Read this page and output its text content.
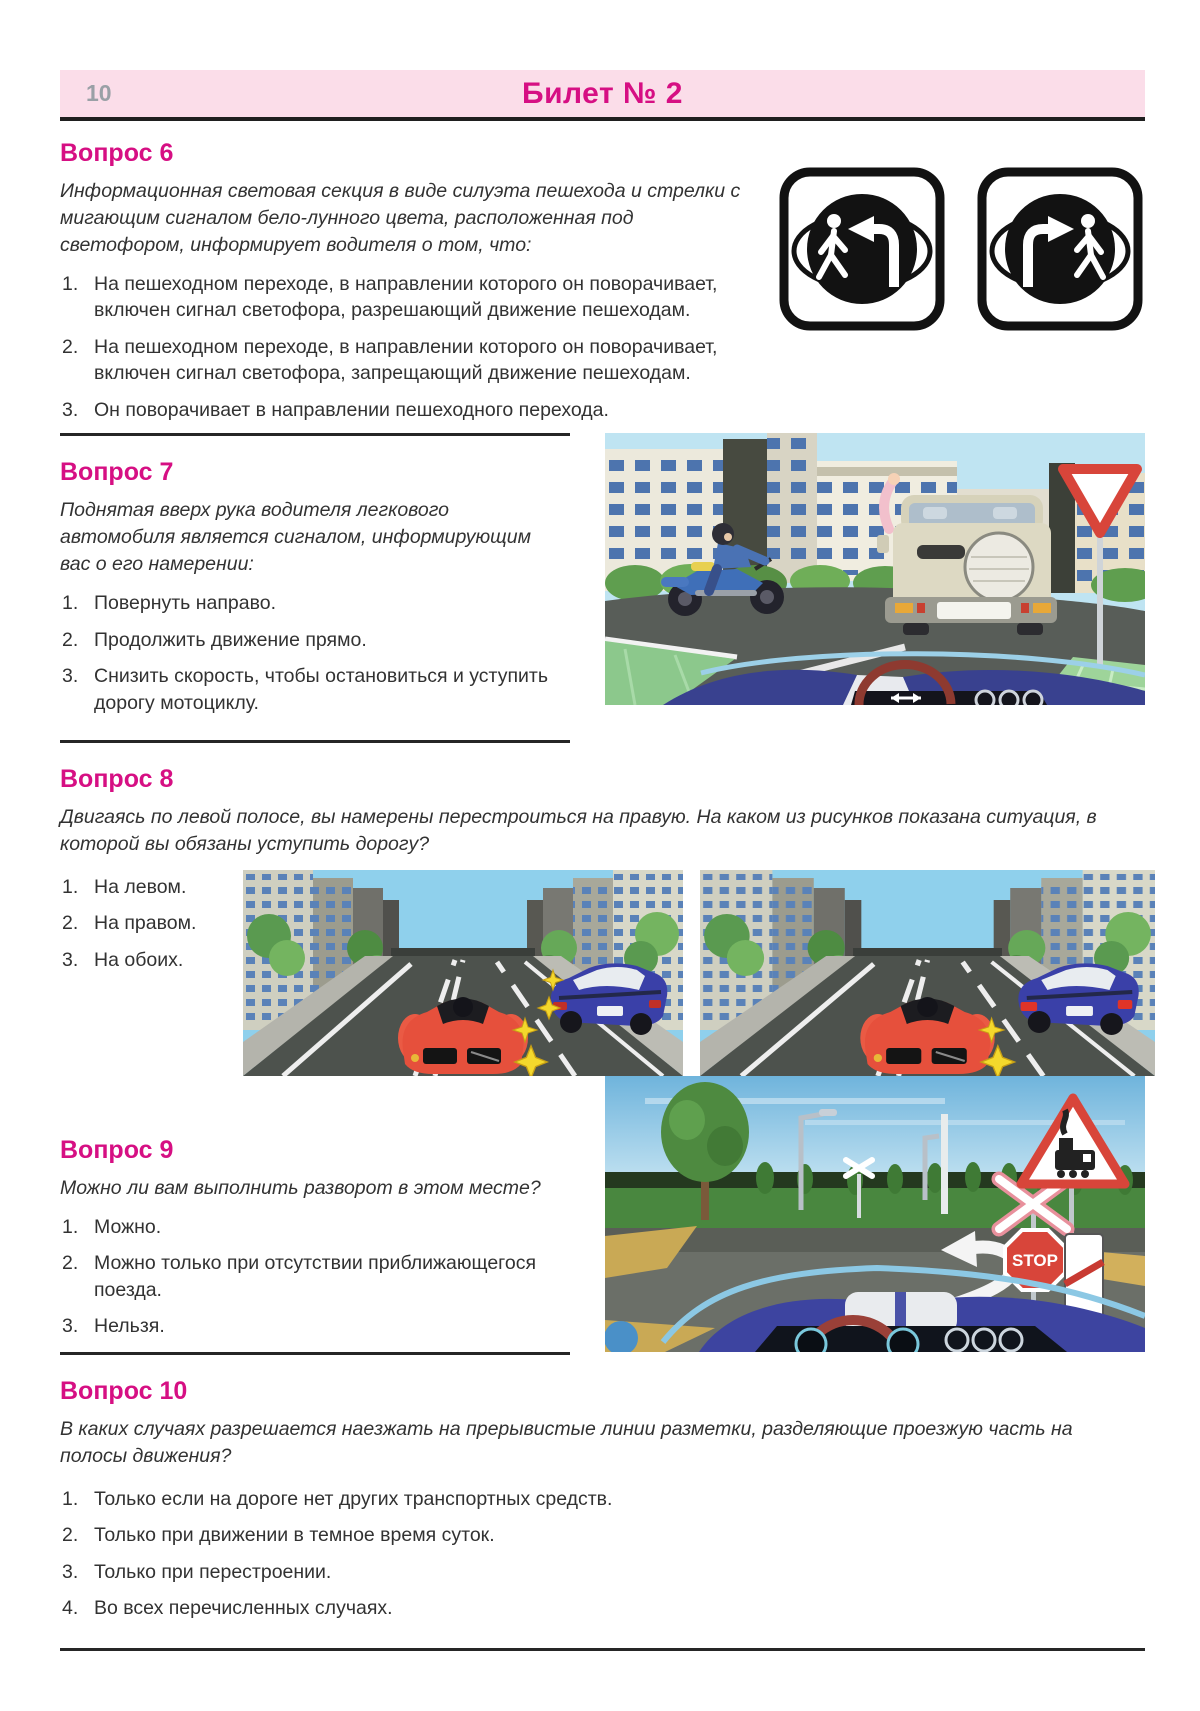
10	Билет № 2
Вопрос 6

Информационная световая секция в виде силуэта пешехода и стрелки с мигающим сигналом бело-лунного цвета, расположенная под светофором, информирует водителя о том, что:

На пешеходном переходе, в направлении которого он поворачивает, включен сигнал светофора, разрешающий движение пешеходам.
На пешеходном переходе, в направлении которого он поворачивает, включен сигнал светофора, запрещающий движение пешеходам.
Он поворачивает в направлении пешеходного перехода.
Вопрос 7

Поднятая вверх рука водителя легкового автомобиля является сигналом, информирующим вас о его намерении:

Повернуть направо.
Продолжить движение прямо.
Снизить скорость, чтобы остановиться и уступить дорогу мотоциклу.
Вопрос 8

Двигаясь по левой полосе, вы намерены перестроиться на правую. На каком из рисунков показана ситуация, в которой вы обязаны уступить дорогу?

На левом.
На правом.
На обоих.
Вопрос 9

Можно ли вам выполнить разворот в этом месте?

Можно.
Можно только при отсутствии приближающегося поезда.
Нельзя.
STOP
Вопрос 10

В каких случаях разрешается наезжать на прерывистые линии разметки, разделяющие проезжую часть на полосы движения?

Только если на дороге нет других транспортных средств.
Только при движении в темное время суток.
Только при перестроении.
Во всех перечисленных случаях.
